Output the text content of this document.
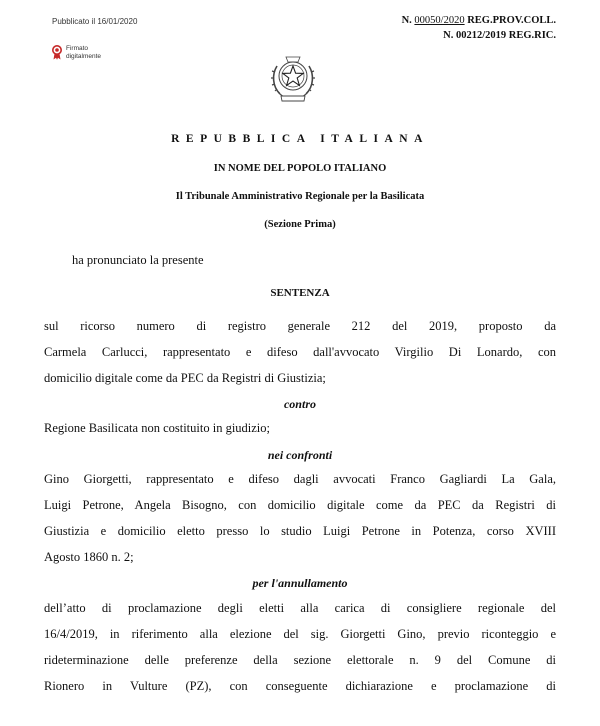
Pubblicato il 16/01/2020	N. 00050/2020 REG.PROV.COLL.
N. 00212/2019 REG.RIC.
Firmato
digitalmente
REPUBBLICA ITALIANA
IN NOME DEL POPOLO ITALIANO
Il Tribunale Amministrativo Regionale per la Basilicata
(Sezione Prima)
ha pronunciato la presente
SENTENZA
sul ricorso numero di registro generale 212 del 2019, proposto da
Carmela Carlucci, rappresentato e difeso dall'avvocato Virgilio Di Lonardo, con
domicilio digitale come da PEC da Registri di Giustizia;
contro
Regione Basilicata non costituito in giudizio;
nei confronti
Gino Giorgetti, rappresentato e difeso dagli avvocati Franco Gagliardi La Gala,
Luigi Petrone, Angela Bisogno, con domicilio digitale come da PEC da Registri di
Giustizia e domicilio eletto presso lo studio Luigi Petrone in Potenza, corso XVIII
Agosto 1860 n. 2;
per l'annullamento
dell’atto di proclamazione degli eletti alla carica di consigliere regionale del
16/4/2019, in riferimento alla elezione del sig. Giorgetti Gino, previo riconteggio e
rideterminazione delle preferenze della sezione elettorale n. 9 del Comune di
Rionero in Vulture (PZ), con conseguente dichiarazione e proclamazione di
